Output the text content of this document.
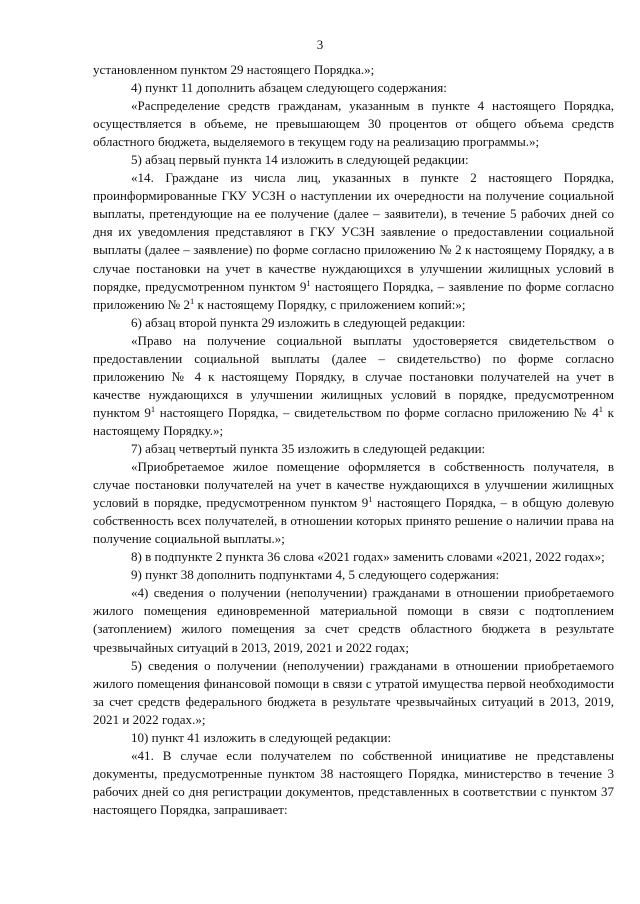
3

установленном пунктом 29 настоящего Порядка.»;

4) пункт 11 дополнить абзацем следующего содержания:

«Распределение средств гражданам, указанным в пункте 4 настоящего Порядка, осуществляется в объеме, не превышающем 30 процентов от общего объема средств областного бюджета, выделяемого в текущем году на реализацию программы.»;

5) абзац первый пункта 14 изложить в следующей редакции:

«14. Граждане из числа лиц, указанных в пункте 2 настоящего Порядка, проинформированные ГКУ УСЗН о наступлении их очередности на получение социальной выплаты, претендующие на ее получение (далее – заявители), в течение 5 рабочих дней со дня их уведомления представляют в ГКУ УСЗН заявление о предоставлении социальной выплаты (далее – заявление) по форме согласно приложению № 2 к настоящему Порядку, а в случае постановки на учет в качестве нуждающихся в улучшении жилищных условий в порядке, предусмотренном пунктом $9^1$ настоящего Порядка, – заявление по форме согласно приложению № $2^1$ к настоящему Порядку, с приложением копий:»;

6) абзац второй пункта 29 изложить в следующей редакции:

«Право на получение социальной выплаты удостоверяется свидетельством о предоставлении социальной выплаты (далее – свидетельство) по форме согласно приложению № 4 к настоящему Порядку, в случае постановки получателей на учет в качестве нуждающихся в улучшении жилищных условий в порядке, предусмотренном пунктом $9^1$ настоящего Порядка, – свидетельством по форме согласно приложению № $4^1$ к настоящему Порядку.»;

7) абзац четвертый пункта 35 изложить в следующей редакции:

«Приобретаемое жилое помещение оформляется в собственность получателя, в случае постановки получателей на учет в качестве нуждающихся в улучшении жилищных условий в порядке, предусмотренном пунктом $9^1$ настоящего Порядка, – в общую долевую собственность всех получателей, в отношении которых принято решение о наличии права на получение социальной выплаты.»;

8) в подпункте 2 пункта 36 слова «2021 годах» заменить словами «2021, 2022 годах»;

9) пункт 38 дополнить подпунктами 4, 5 следующего содержания:

«4) сведения о получении (неполучении) гражданами в отношении приобретаемого жилого помещения единовременной материальной помощи в связи с подтоплением (затоплением) жилого помещения за счет средств областного бюджета в результате чрезвычайных ситуаций в 2013, 2019, 2021 и 2022 годах;

5) сведения о получении (неполучении) гражданами в отношении приобретаемого жилого помещения финансовой помощи в связи с утратой имущества первой необходимости за счет средств федерального бюджета в результате чрезвычайных ситуаций в 2013, 2019, 2021 и 2022 годах.»;

10) пункт 41 изложить в следующей редакции:

«41. В случае если получателем по собственной инициативе не представлены документы, предусмотренные пунктом 38 настоящего Порядка, министерство в течение 3 рабочих дней со дня регистрации документов, представленных в соответствии с пунктом 37 настоящего Порядка, запрашивает:
